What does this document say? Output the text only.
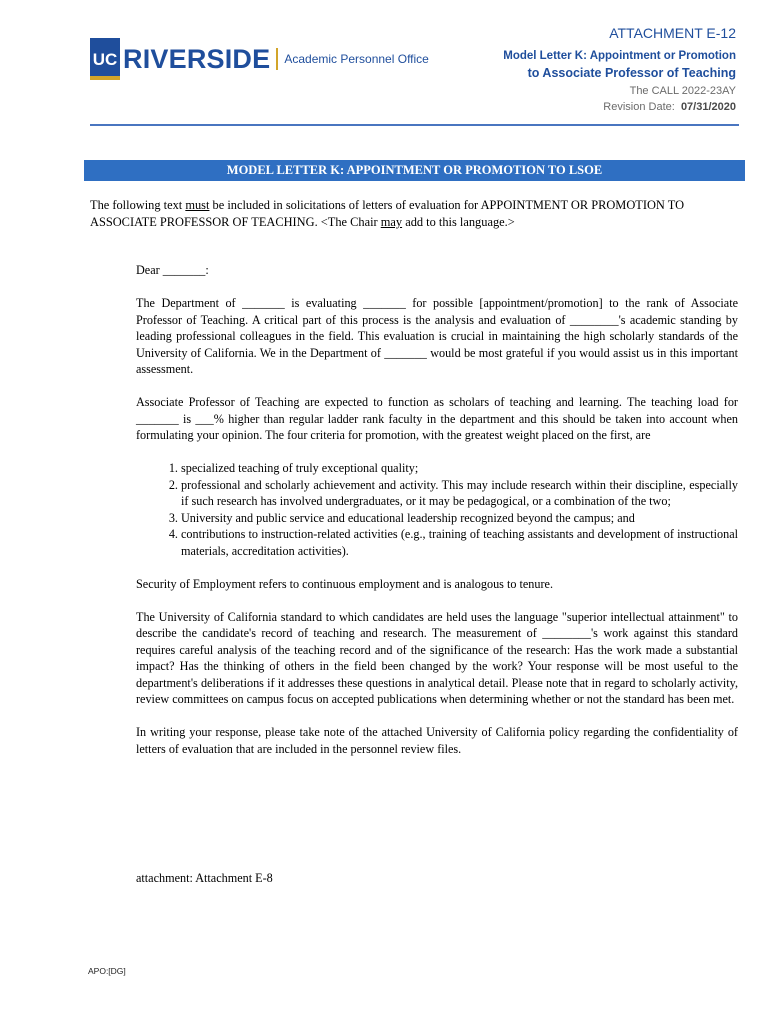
UC RIVERSIDE Academic Personnel Office
ATTACHMENT E-12
Model Letter K: Appointment or Promotion
to Associate Professor of Teaching
The CALL 2022-23AY
Revision Date: 07/31/2020
MODEL LETTER K: APPOINTMENT OR PROMOTION TO LSOE
The following text must be included in solicitations of letters of evaluation for APPOINTMENT OR PROMOTION TO ASSOCIATE PROFESSOR OF TEACHING. <The Chair may add to this language.>

Dear _______:

The Department of _______ is evaluating _______ for possible [appointment/promotion] to the rank of Associate Professor of Teaching. A critical part of this process is the analysis and evaluation of ________'s academic standing by leading professional colleagues in the field. This evaluation is crucial in maintaining the high scholarly standards of the University of California. We in the Department of _______ would be most grateful if you would assist us in this important assessment.

Associate Professor of Teaching are expected to function as scholars of teaching and learning. The teaching load for _______ is ___% higher than regular ladder rank faculty in the department and this should be taken into account when formulating your opinion. The four criteria for promotion, with the greatest weight placed on the first, are

1. specialized teaching of truly exceptional quality;
2. professional and scholarly achievement and activity. This may include research within their discipline, especially if such research has involved undergraduates, or it may be pedagogical, or a combination of the two;
3. University and public service and educational leadership recognized beyond the campus; and
4. contributions to instruction-related activities (e.g., training of teaching assistants and development of instructional materials, accreditation activities).

Security of Employment refers to continuous employment and is analogous to tenure.

The University of California standard to which candidates are held uses the language "superior intellectual attainment" to describe the candidate's record of teaching and research. The measurement of ________'s work against this standard requires careful analysis of the teaching record and of the significance of the research: Has the work made a substantial impact? Has the thinking of others in the field been changed by the work? Your response will be most useful to the department's deliberations if it addresses these questions in analytical detail. Please note that in regard to scholarly activity, review committees on campus focus on accepted publications when determining whether or not the standard has been met.

In writing your response, please take note of the attached University of California policy regarding the confidentiality of letters of evaluation that are included in the personnel review files.

attachment: Attachment E-8
APO:[DG]
